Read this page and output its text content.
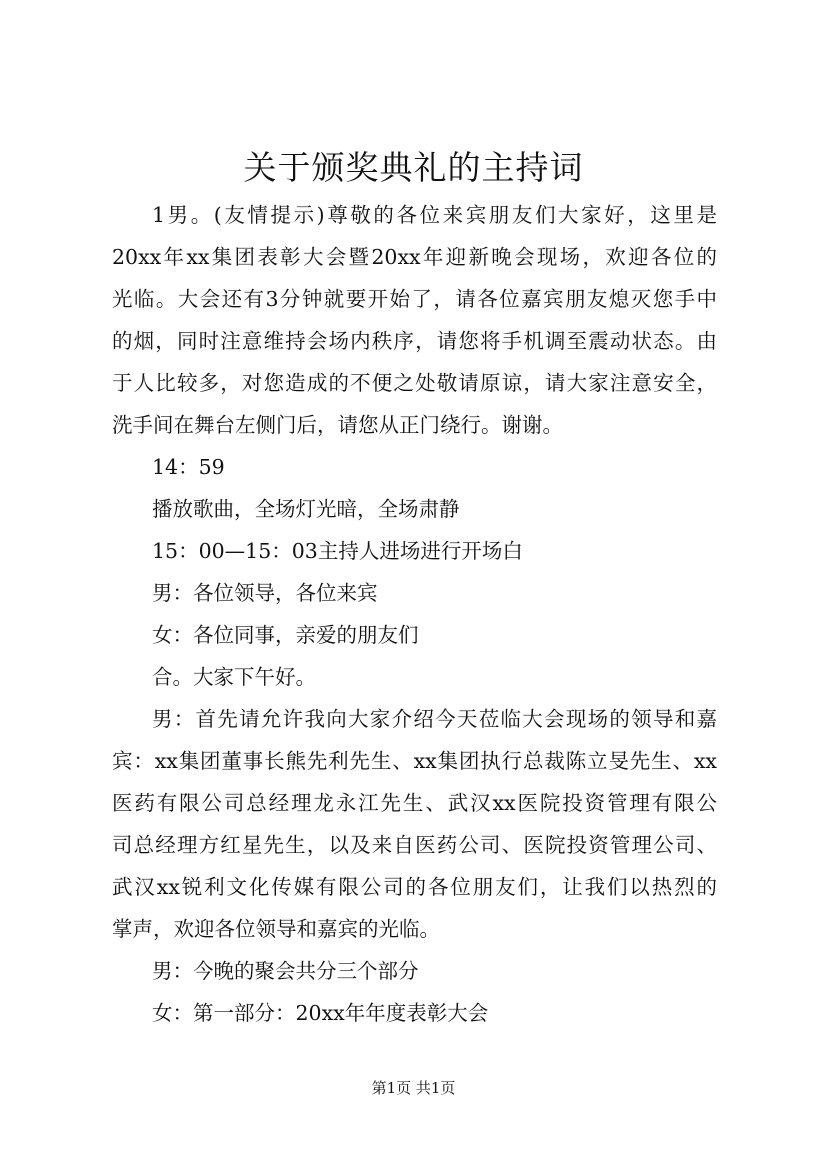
关于颁奖典礼的主持词
1男。(友情提示)尊敬的各位来宾朋友们大家好，这里是
20xx年xx集团表彰大会暨20xx年迎新晚会现场，欢迎各位的
光临。大会还有3分钟就要开始了，请各位嘉宾朋友熄灭您手中
的烟，同时注意维持会场内秩序，请您将手机调至震动状态。由
于人比较多，对您造成的不便之处敬请原谅，请大家注意安全，
洗手间在舞台左侧门后，请您从正门绕行。谢谢。
14：59
播放歌曲，全场灯光暗，全场肃静
15：00—15：03主持人进场进行开场白
男：各位领导，各位来宾
女：各位同事，亲爱的朋友们
合。大家下午好。
男：首先请允许我向大家介绍今天莅临大会现场的领导和嘉
宾：xx集团董事长熊先利先生、xx集团执行总裁陈立旻先生、xx
医药有限公司总经理龙永江先生、武汉xx医院投资管理有限公
司总经理方红星先生，以及来自医药公司、医院投资管理公司、
武汉xx锐利文化传媒有限公司的各位朋友们，让我们以热烈的
掌声，欢迎各位领导和嘉宾的光临。
男：今晚的聚会共分三个部分
女：第一部分：20xx年年度表彰大会
第1页 共1页
